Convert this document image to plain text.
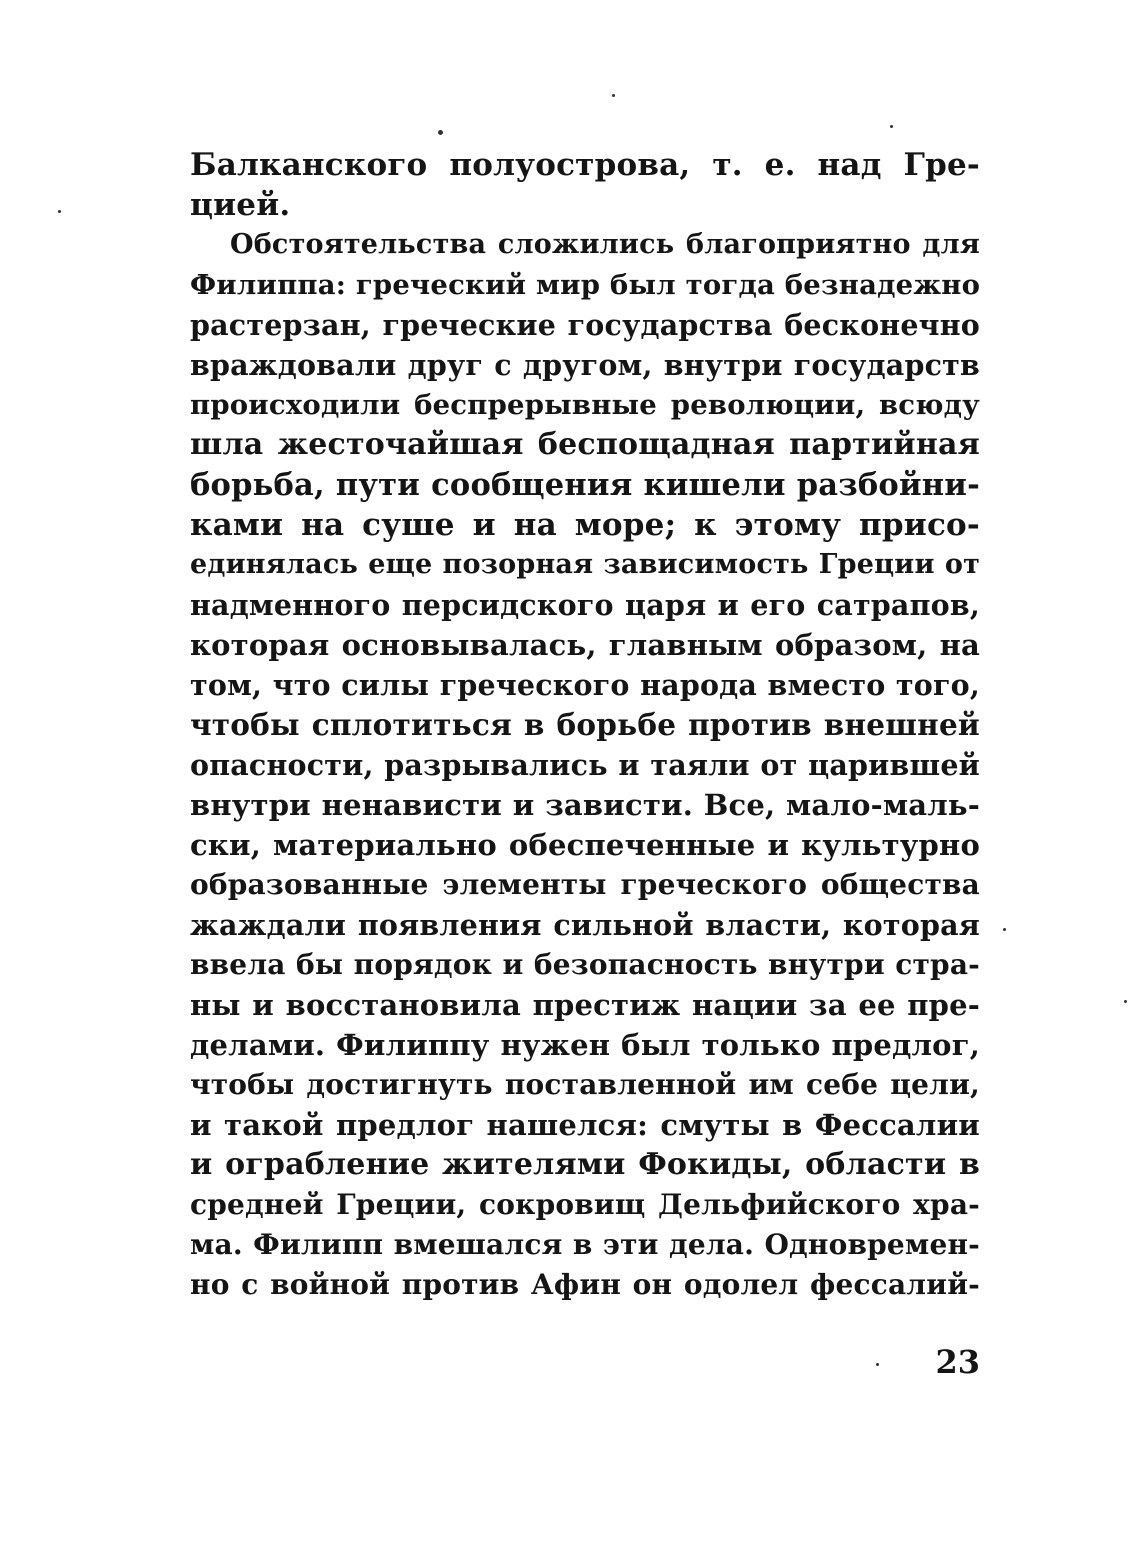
Балканского полуострова, т. е. над Гре-
цией.
Обстоятельства сложились благоприятно для
Филиппа: греческий мир был тогда безнадежно
растерзан, греческие государства бесконечно
враждовали друг с другом, внутри государств
происходили беспрерывные революции, всюду
шла жесточайшая беспощадная партийная
борьба, пути сообщения кишели разбойни-
ками на суше и на море; к этому присо-
единялась еще позорная зависимость Греции от
надменного персидского царя и его сатрапов,
которая основывалась, главным образом, на
том, что силы греческого народа вместо того,
чтобы сплотиться в борьбе против внешней
опасности, разрывались и таяли от царившей
внутри ненависти и зависти. Все, мало-маль-
ски, материально обеспеченные и культурно
образованные элементы греческого общества
жаждали появления сильной власти, которая
ввела бы порядок и безопасность внутри стра-
ны и восстановила престиж нации за ее пре-
делами. Филиппу нужен был только предлог,
чтобы достигнуть поставленной им себе цели,
и такой предлог нашелся: смуты в Фессалии
и ограбление жителями Фокиды, области в
средней Греции, сокровищ Дельфийского хра-
ма. Филипп вмешался в эти дела. Одновремен-
но с войной против Афин он одолел фессалий-
23
